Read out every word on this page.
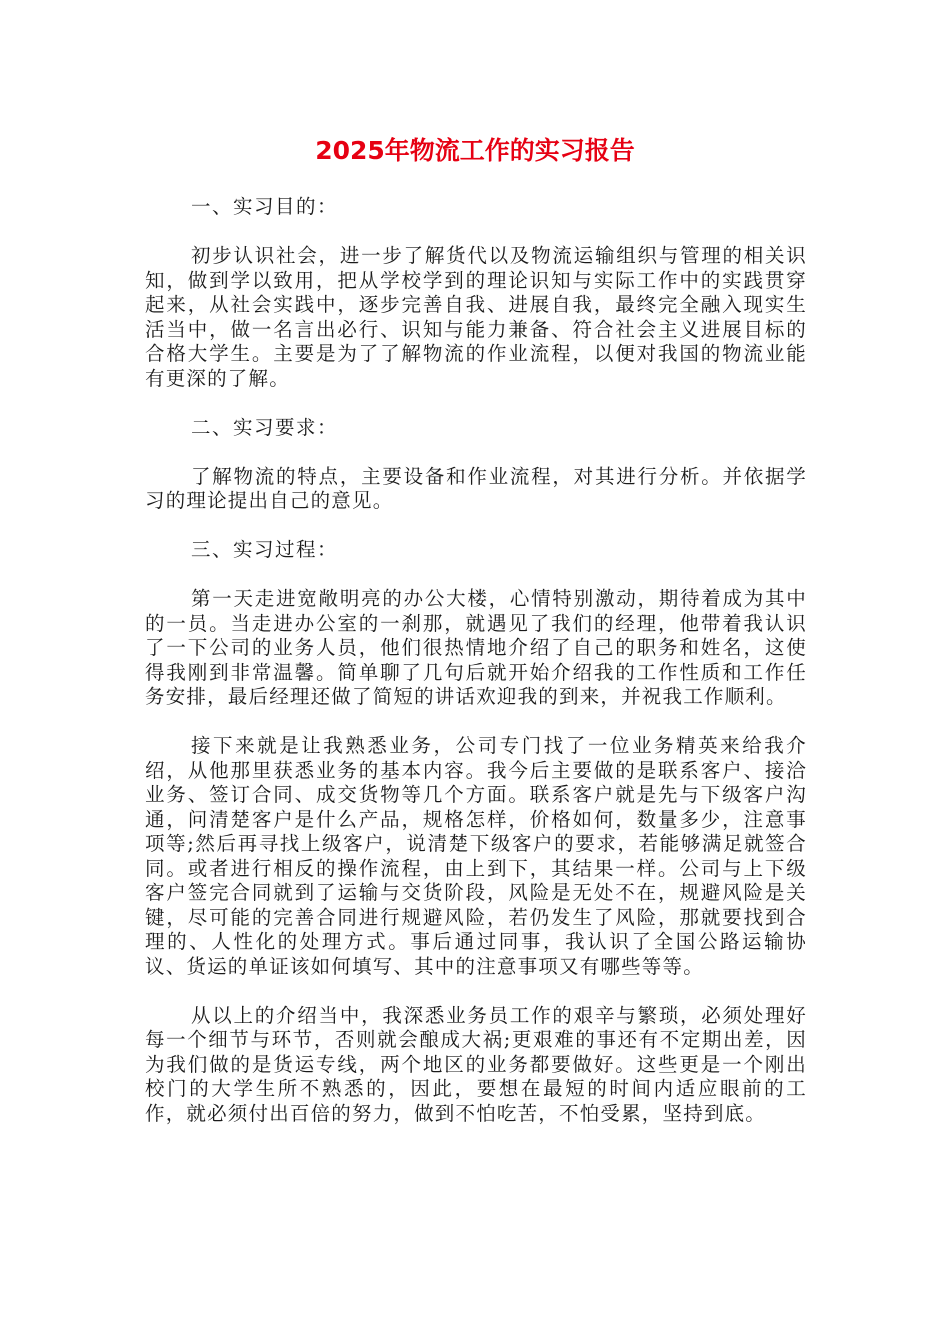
2025年物流工作的实习报告

一、实习目的：

初步认识社会，进一步了解货代以及物流运输组织与管理的相关识知，做到学以致用，把从学校学到的理论识知与实际工作中的实践贯穿起来，从社会实践中，逐步完善自我、进展自我，最终完全融入现实生活当中，做一名言出必行、识知与能力兼备、符合社会主义进展目标的合格大学生。主要是为了了解物流的作业流程，以便对我国的物流业能有更深的了解。

二、实习要求：

了解物流的特点，主要设备和作业流程，对其进行分析。并依据学习的理论提出自己的意见。

三、实习过程：

第一天走进宽敞明亮的办公大楼，心情特别激动，期待着成为其中的一员。当走进办公室的一刹那，就遇见了我们的经理，他带着我认识了一下公司的业务人员，他们很热情地介绍了自己的职务和姓名，这使得我刚到非常温馨。简单聊了几句后就开始介绍我的工作性质和工作任务安排，最后经理还做了简短的讲话欢迎我的到来，并祝我工作顺利。

接下来就是让我熟悉业务，公司专门找了一位业务精英来给我介绍，从他那里获悉业务的基本内容。我今后主要做的是联系客户、接洽业务、签订合同、成交货物等几个方面。联系客户就是先与下级客户沟通，问清楚客户是什么产品，规格怎样，价格如何，数量多少，注意事项等;然后再寻找上级客户，说清楚下级客户的要求，若能够满足就签合同。或者进行相反的操作流程，由上到下，其结果一样。公司与上下级客户签完合同就到了运输与交货阶段，风险是无处不在，规避风险是关键，尽可能的完善合同进行规避风险，若仍发生了风险，那就要找到合理的、人性化的处理方式。事后通过同事，我认识了全国公路运输协议、货运的单证该如何填写、其中的注意事项又有哪些等等。

从以上的介绍当中，我深悉业务员工作的艰辛与繁琐，必须处理好每一个细节与环节，否则就会酿成大祸;更艰难的事还有不定期出差，因为我们做的是货运专线，两个地区的业务都要做好。这些更是一个刚出校门的大学生所不熟悉的，因此，要想在最短的时间内适应眼前的工作，就必须付出百倍的努力，做到不怕吃苦，不怕受累，坚持到底。
